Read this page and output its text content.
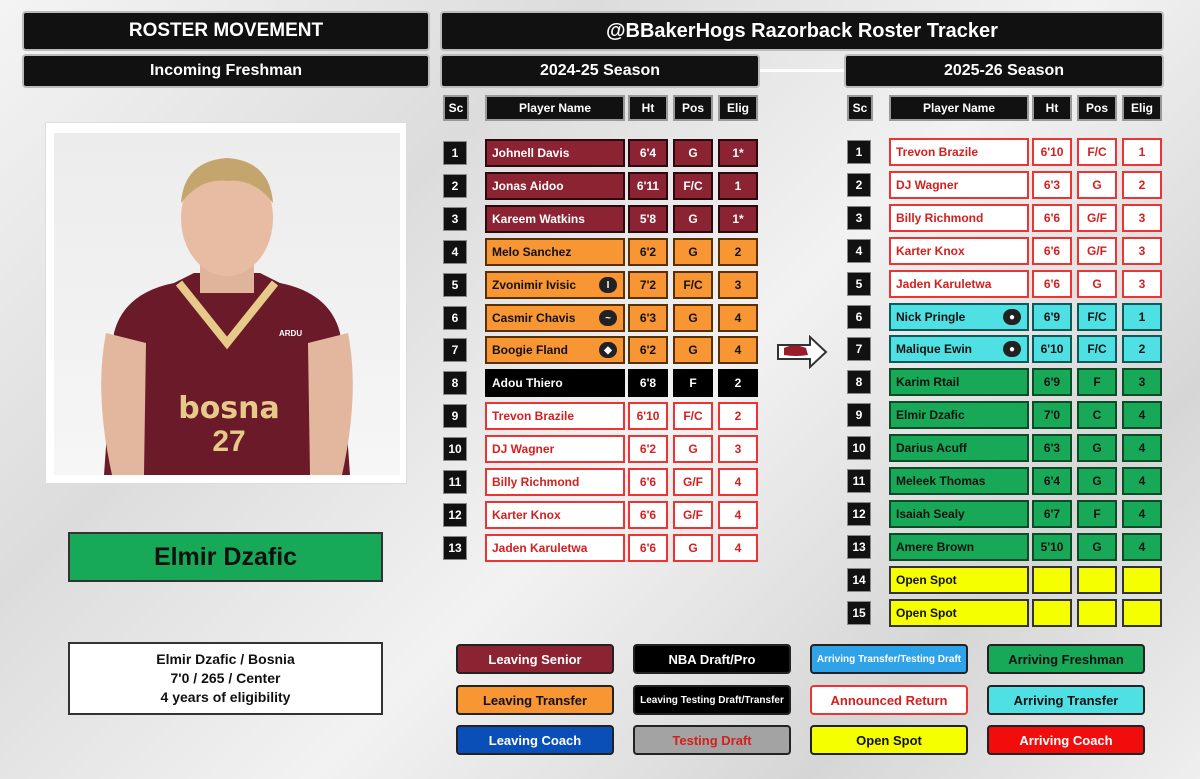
ROSTER MOVEMENT
Incoming Freshman
bosna
27
ARDU
Elmir Dzafic
Elmir Dzafic / Bosnia
7'0 / 265 / Center
4 years of eligibility
@BBakerHogs Razorback Roster Tracker
2024-25 Season	2025-26 Season
Sc	Player Name	Ht	Pos	Elig
1	Johnell Davis	6'4	G	1*
2	Jonas Aidoo	6'11	F/C	1
3	Kareem Watkins	5'8	G	1*
4	Melo Sanchez	6'2	G	2
5	Zvonimir Ivisic	I	7'2	F/C	3
6	Casmir Chavis	~	6'3	G	4
7	Boogie Fland	◆	6'2	G	4
8	Adou Thiero	6'8	F	2
9	Trevon Brazile	6'10	F/C	2
10	DJ Wagner	6'2	G	3
11	Billy Richmond	6'6	G/F	4
12	Karter Knox	6'6	G/F	4
13	Jaden Karuletwa	6'6	G	4
Sc	Player Name	Ht	Pos	Elig
1	Trevon Brazile	6'10	F/C	1
2	DJ Wagner	6'3	G	2
3	Billy Richmond	6'6	G/F	3
4	Karter Knox	6'6	G/F	3
5	Jaden Karuletwa	6'6	G	3
6	Nick Pringle	●	6'9	F/C	1
7	Malique Ewin	●	6'10	F/C	2
8	Karim Rtail	6'9	F	3
9	Elmir Dzafic	7'0	C	4
10	Darius Acuff	6'3	G	4
11	Meleek Thomas	6'4	G	4
12	Isaiah Sealy	6'7	F	4
13	Amere Brown	5'10	G	4
14	Open Spot
15	Open Spot
Leaving Senior	NBA Draft/Pro	Arriving Transfer/Testing Draft	Arriving Freshman
Leaving Transfer	Leaving Testing Draft/Transfer	Announced Return	Arriving Transfer
Leaving Coach	Testing Draft	Open Spot	Arriving Coach
